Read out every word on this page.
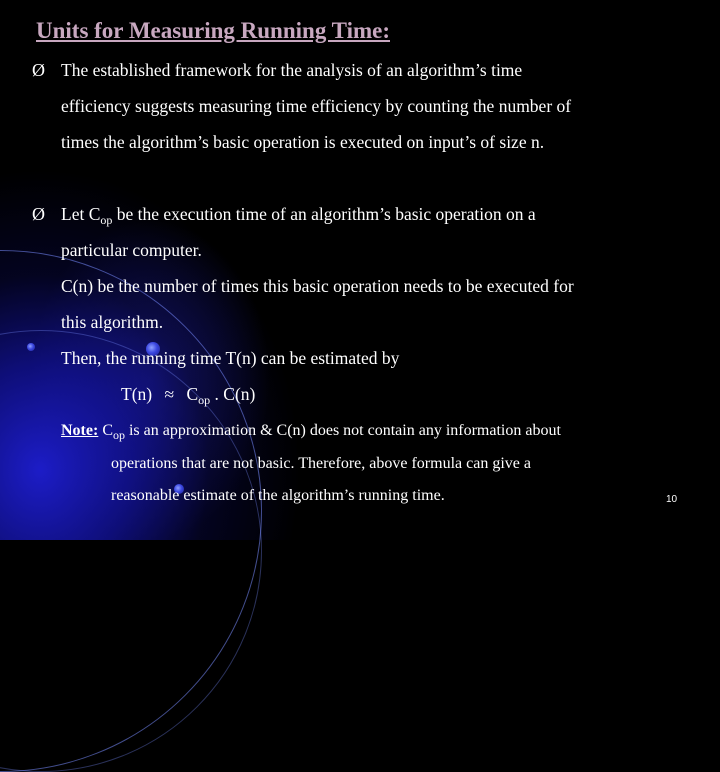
Units for Measuring Running Time:
Ø The established framework for the analysis of an algorithm’s time
efficiency suggests measuring time efficiency by counting the number of
times the algorithm’s basic operation is executed on input’s of size n.
Ø Let $C_{op}$ be the execution time of an algorithm’s basic operation on a
particular computer.
C(n) be the number of times this basic operation needs to be executed for
this algorithm.
Then, the running time T(n) can be estimated by
$T(n) \approx C_{op}$ . C(n)
Note: $C_{op}$ is an approximation & C(n) does not contain any information about
operations that are not basic. Therefore, above formula can give a
reasonable estimate of the algorithm’s running time.	10
